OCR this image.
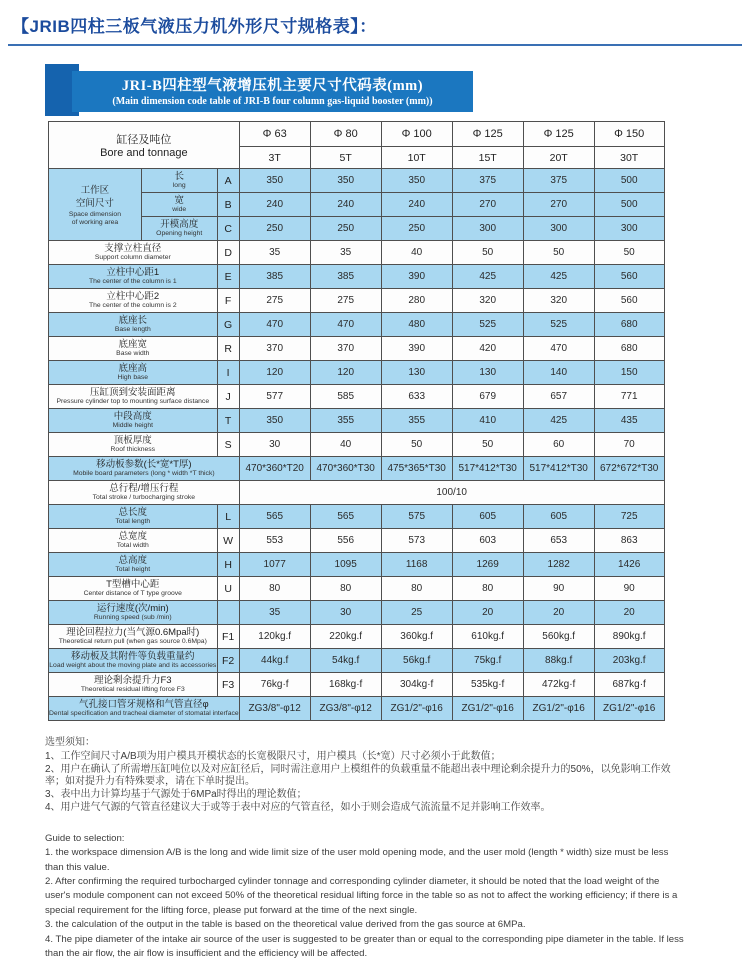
【JRIB四柱三板气液压力机外形尺寸规格表】：
JRI-B四柱型气液增压机主要尺寸代码表(mm)
(Main dimension code table of JRI-B four column gas-liquid booster (mm))
缸径及吨位
Bore and tonnage			Φ 63	Φ 80	Φ 100	Φ 125	Φ 125	Φ 150
			3T	5T	10T	15T	20T	30T

工作区
空间尺寸
Space dimension
of working area

长
long	A	350	350	350	375	375	500

	宽
wide	B	240	240	240	270	270	500

	开模高度
Opening height	C	250	250	250	300	300	300

支撑立柱直径
Support column diameter		D	35	35	40	50	50	50

立柱中心距1
The center of the column is 1		E	385	385	390	425	425	560

立柱中心距2
The center of the column is 2		F	275	275	280	320	320	560

底座长
Base length		G	470	470	480	525	525	680

底座宽
Base width		R	370	370	390	420	470	680

底座高
High base		I	120	120	130	130	140	150

压缸顶到安装面距离
Pressure cylinder top to mounting surface distance		J	577	585	633	679	657	771

中段高度
Middle height		T	350	355	355	410	425	435

顶板厚度
Roof thickness		S	30	40	50	50	60	70

移动板参数(长*宽*T厚)
Mobile board parameters (long * width *T thick)			470*360*T20	470*360*T30	475*365*T30	517*412*T30	517*412*T30	672*672*T30

总行程/增压行程
Total stroke / turbocharging stroke			100/10					

总长度
Total length		L	565	565	575	605	605	725

总宽度
Total width		W	553	556	573	603	653	863

总高度
Total height		H	1077	1095	1168	1269	1282	1426

T型槽中心距
Center distance of T type groove		U	80	80	80	80	90	90

运行速度(次/min)
Running speed (sub /min)			35	30	25	20	20	20

理论回程拉力(当气源0.6Mpa时)
Theoretical return pull (when gas source 0.6Mpa)		F1	120kg.f	220kg.f	360kg.f	610kg.f	560kg.f	890kg.f

移动板及其附件等负载重量约
Load weight about the moving plate and its accessories		F2	44kg.f	54kg.f	56kg.f	75kg.f	88kg.f	203kg.f

理论剩余提升力F3
Theoretical residual lifting force F3		F3	76kg·f	168kg·f	304kg·f	535kg·f	472kg·f	687kg·f

气孔接口管牙规格和气管直径φ
Dental specification and tracheal diameter of stomatal interface			ZG3/8"-φ12	ZG3/8"-φ12	ZG1/2"-φ16	ZG1/2"-φ16	ZG1/2"-φ16	ZG1/2"-φ16
选型须知：
1、工作空间尺寸A/B项为用户模具开模状态的长宽极限尺寸，用户模具（长*宽）尺寸必须小于此数值；
2、用户在确认了所需增压缸吨位以及对应缸径后，同时需注意用户上模组件的负载重量不能超出表中理论剩余提升力的50%，以免影响工作效率；如对提升力有特殊要求，请在下单时提出。
3、表中出力计算均基于气源处于6MPa时得出的理论数值；
4、用户进气气源的气管直径建议大于或等于表中对应的气管直径，如小于则会造成气流流量不足并影响工作效率。
Guide to selection:
1. the workspace dimension A/B is the long and wide limit size of the user mold opening mode, and the user mold (length * width) size must be less than this value.
2. After confirming the required turbocharged cylinder tonnage and corresponding cylinder diameter, it should be noted that the load weight of the user's module component can not exceed 50% of the theoretical residual lifting force in the table so as not to affect the working efficiency; if there is a special requirement for the lifting force, please put forward at the time of the next single.
3. the calculation of the output in the table is based on the theoretical value derived from the gas source at 6MPa.
4. The pipe diameter of the intake air source of the user is suggested to be greater than or equal to the corresponding pipe diameter in the table. If less than the air flow, the air flow is insufficient and the efficiency will be affected.
